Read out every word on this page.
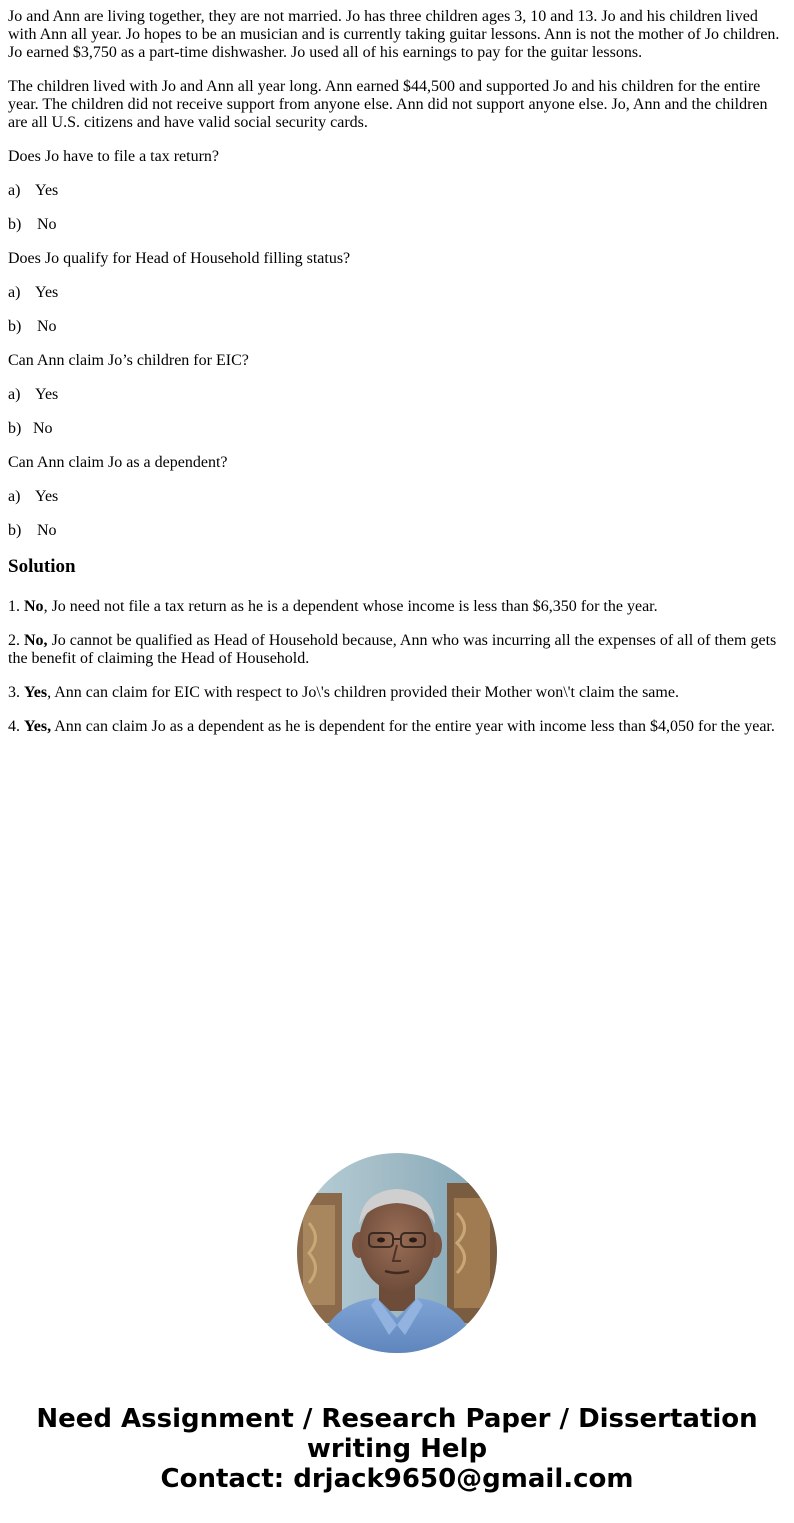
Jo and Ann are living together, they are not married. Jo has three children ages 3, 10 and 13. Jo and his children lived with Ann all year. Jo hopes to be an musician and is currently taking guitar lessons. Ann is not the mother of Jo children. Jo earned $3,750 as a part-time dishwasher. Jo used all of his earnings to pay for the guitar lessons.

The children lived with Jo and Ann all year long. Ann earned $44,500 and supported Jo and his children for the entire year. The children did not receive support from anyone else. Ann did not support anyone else. Jo, Ann and the children are all U.S. citizens and have valid social security cards.

Does Jo have to file a tax return?

a) Yes

b) No

Does Jo qualify for Head of Household filling status?

a) Yes

b) No

Can Ann claim Jo’s children for EIC?

a) Yes

b) No

Can Ann claim Jo as a dependent?

a) Yes

b) No

Solution

1. No, Jo need not file a tax return as he is a dependent whose income is less than $6,350 for the year.

2. No, Jo cannot be qualified as Head of Household because, Ann who was incurring all the expenses of all of them gets the benefit of claiming the Head of Household.

3. Yes, Ann can claim for EIC with respect to Jo\'s children provided their Mother won\'t claim the same.

4. Yes, Ann can claim Jo as a dependent as he is dependent for the entire year with income less than $4,050 for the year.

Need Assignment / Research Paper / Dissertation
writing Help
Contact: drjack9650@gmail.com
